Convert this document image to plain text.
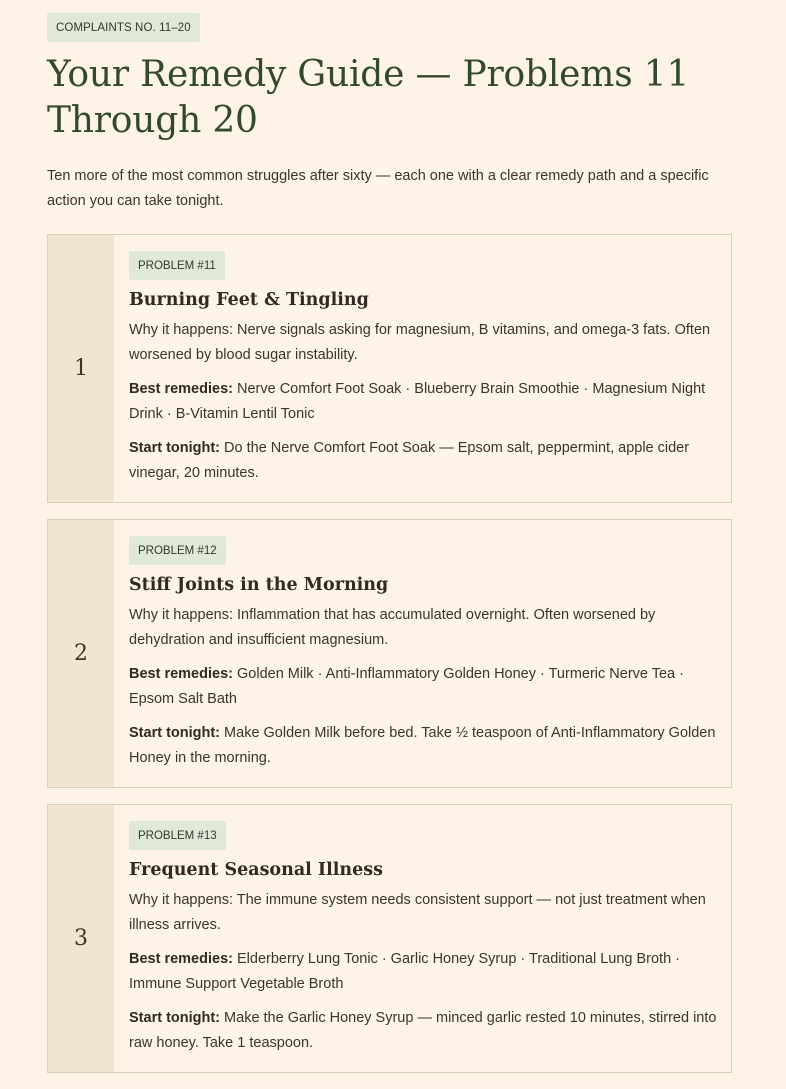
COMPLAINTS NO. 11–20
Your Remedy Guide — Problems 11 Through 20

Ten more of the most common struggles after sixty — each one with a clear remedy path and a specific action you can take tonight.

1
PROBLEM #11
Burning Feet & Tingling

Why it happens: Nerve signals asking for magnesium, B vitamins, and omega-3 fats. Often worsened by blood sugar instability.

Best remedies: Nerve Comfort Foot Soak · Blueberry Brain Smoothie · Magnesium Night Drink · B-Vitamin Lentil Tonic

Start tonight: Do the Nerve Comfort Foot Soak — Epsom salt, peppermint, apple cider vinegar, 20 minutes.

2
PROBLEM #12
Stiff Joints in the Morning

Why it happens: Inflammation that has accumulated overnight. Often worsened by dehydration and insufficient magnesium.

Best remedies: Golden Milk · Anti-Inflammatory Golden Honey · Turmeric Nerve Tea · Epsom Salt Bath

Start tonight: Make Golden Milk before bed. Take ½ teaspoon of Anti-Inflammatory Golden Honey in the morning.

3
PROBLEM #13
Frequent Seasonal Illness

Why it happens: The immune system needs consistent support — not just treatment when illness arrives.

Best remedies: Elderberry Lung Tonic · Garlic Honey Syrup · Traditional Lung Broth · Immune Support Vegetable Broth

Start tonight: Make the Garlic Honey Syrup — minced garlic rested 10 minutes, stirred into raw honey. Take 1 teaspoon.
